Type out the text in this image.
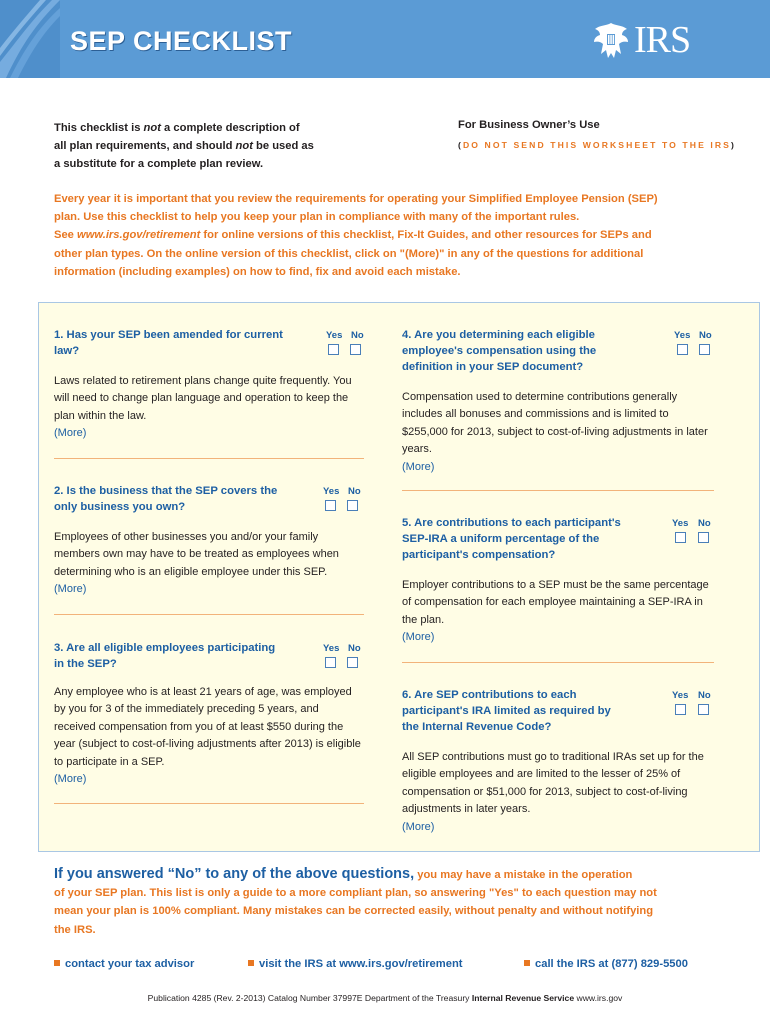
SEP CHECKLIST	IRS
This checklist is not a complete description of
all plan requirements, and should not be used as
a substitute for a complete plan review.
For Business Owner’s Use
(DO NOT SEND THIS WORKSHEET TO THE IRS)
Every year it is important that you review the requirements for operating your Simplified Employee Pension (SEP)
plan. Use this checklist to help you keep your plan in compliance with many of the important rules.
See www.irs.gov/retirement for online versions of this checklist, Fix-It Guides, and other resources for SEPs and
other plan types. On the online version of this checklist, click on "(More)" in any of the questions for additional
information (including examples) on how to find, fix and avoid each mistake.
1. Has your SEP been amended for current
law?
Yes No
Laws related to retirement plans change quite frequently. You
will need to change plan language and operation to keep the
plan within the law.
(More)
2. Is the business that the SEP covers the
only business you own?
Yes No
Employees of other businesses you and/or your family
members own may have to be treated as employees when
determining who is an eligible employee under this SEP.
(More)
3. Are all eligible employees participating
in the SEP?
Yes No
Any employee who is at least 21 years of age, was employed
by you for 3 of the immediately preceding 5 years, and
received compensation from you of at least $550 during the
year (subject to cost-of-living adjustments after 2013) is eligible
to participate in a SEP.
(More)
4. Are you determining each eligible
employee's compensation using the
definition in your SEP document?
Yes No
Compensation used to determine contributions generally
includes all bonuses and commissions and is limited to
$255,000 for 2013, subject to cost-of-living adjustments in later
years.
(More)
5. Are contributions to each participant's
SEP-IRA a uniform percentage of the
participant's compensation?
Yes No
Employer contributions to a SEP must be the same percentage
of compensation for each employee maintaining a SEP-IRA in
the plan.
(More)
6. Are SEP contributions to each
participant's IRA limited as required by
the Internal Revenue Code?
Yes No
All SEP contributions must go to traditional IRAs set up for the
eligible employees and are limited to the lesser of 25% of
compensation or $51,000 for 2013, subject to cost-of-living
adjustments in later years.
(More)
If you answered “No” to any of the above questions, you may have a mistake in the operation
of your SEP plan. This list is only a guide to a more compliant plan, so answering "Yes" to each question may not
mean your plan is 100% compliant. Many mistakes can be corrected easily, without penalty and without notifying
the IRS.
contact your tax advisor	visit the IRS at www.irs.gov/retirement	call the IRS at (877) 829-5500
Publication 4285 (Rev. 2-2013) Catalog Number 37997E Department of the Treasury Internal Revenue Service www.irs.gov
